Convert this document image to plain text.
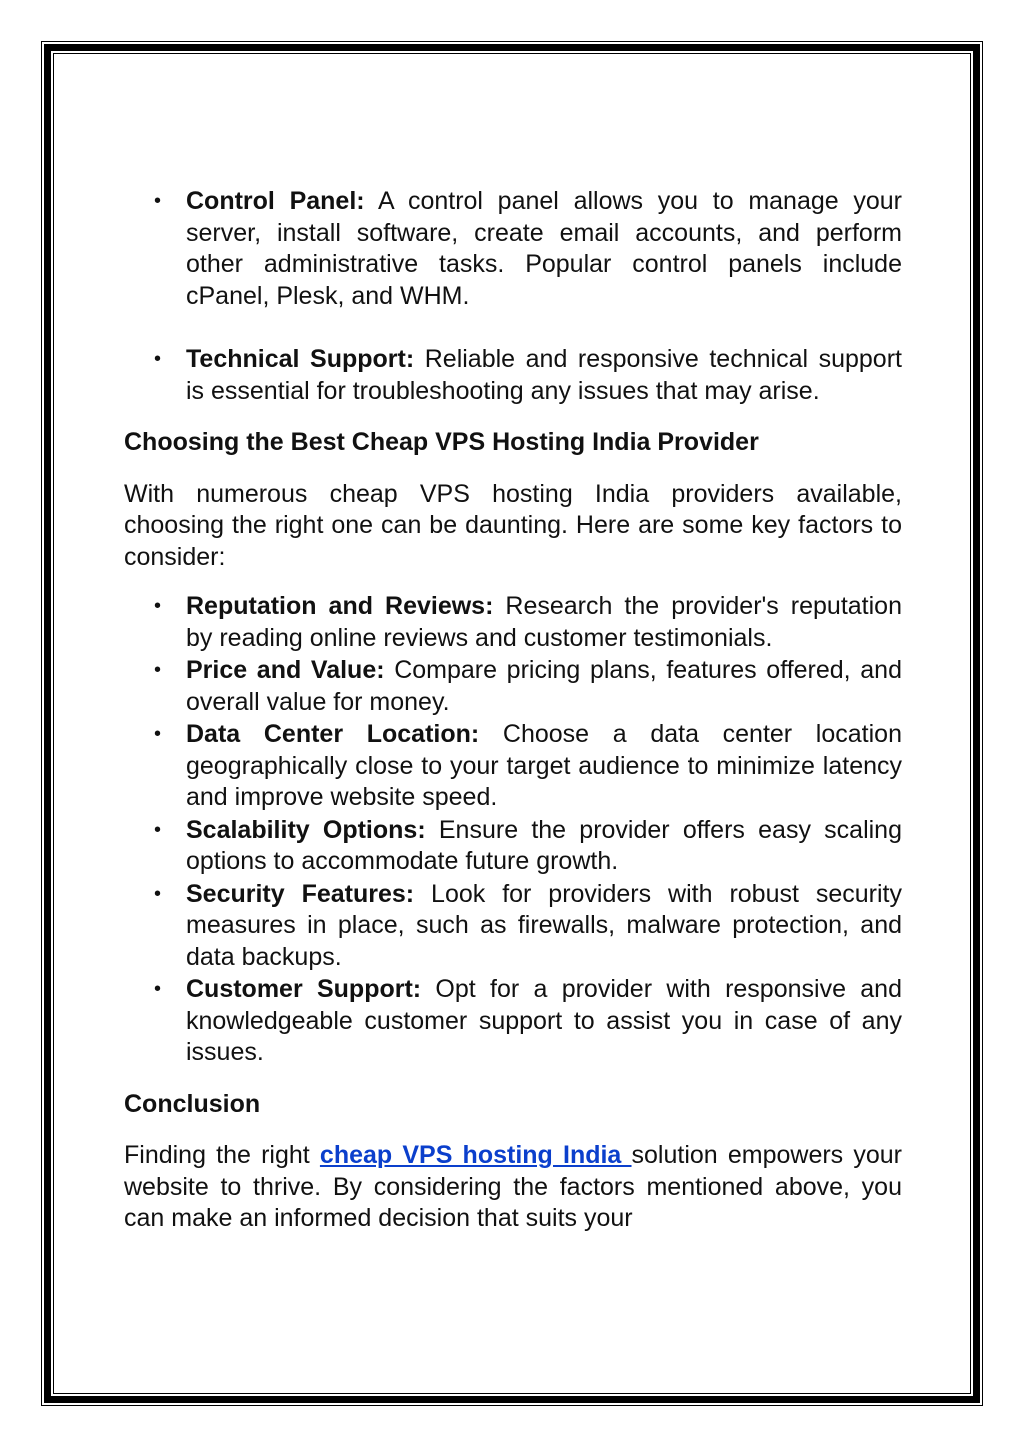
• Control Panel: A control panel allows you to manage your server, install software, create email accounts, and perform other administrative tasks. Popular control panels include cPanel, Plesk, and WHM.
• Technical Support: Reliable and responsive technical support is essential for troubleshooting any issues that may arise.
Choosing the Best Cheap VPS Hosting India Provider

With numerous cheap VPS hosting India providers available, choosing the right one can be daunting. Here are some key factors to consider:

• Reputation and Reviews: Research the provider's reputation by reading online reviews and customer testimonials.
• Price and Value: Compare pricing plans, features offered, and overall value for money.
• Data Center Location: Choose a data center location geographically close to your target audience to minimize latency and improve website speed.
• Scalability Options: Ensure the provider offers easy scaling options to accommodate future growth.
• Security Features: Look for providers with robust security measures in place, such as firewalls, malware protection, and data backups.
• Customer Support: Opt for a provider with responsive and knowledgeable customer support to assist you in case of any issues.
Conclusion

Finding the right cheap VPS hosting India solution empowers your website to thrive. By considering the factors mentioned above, you can make an informed decision that suits your
